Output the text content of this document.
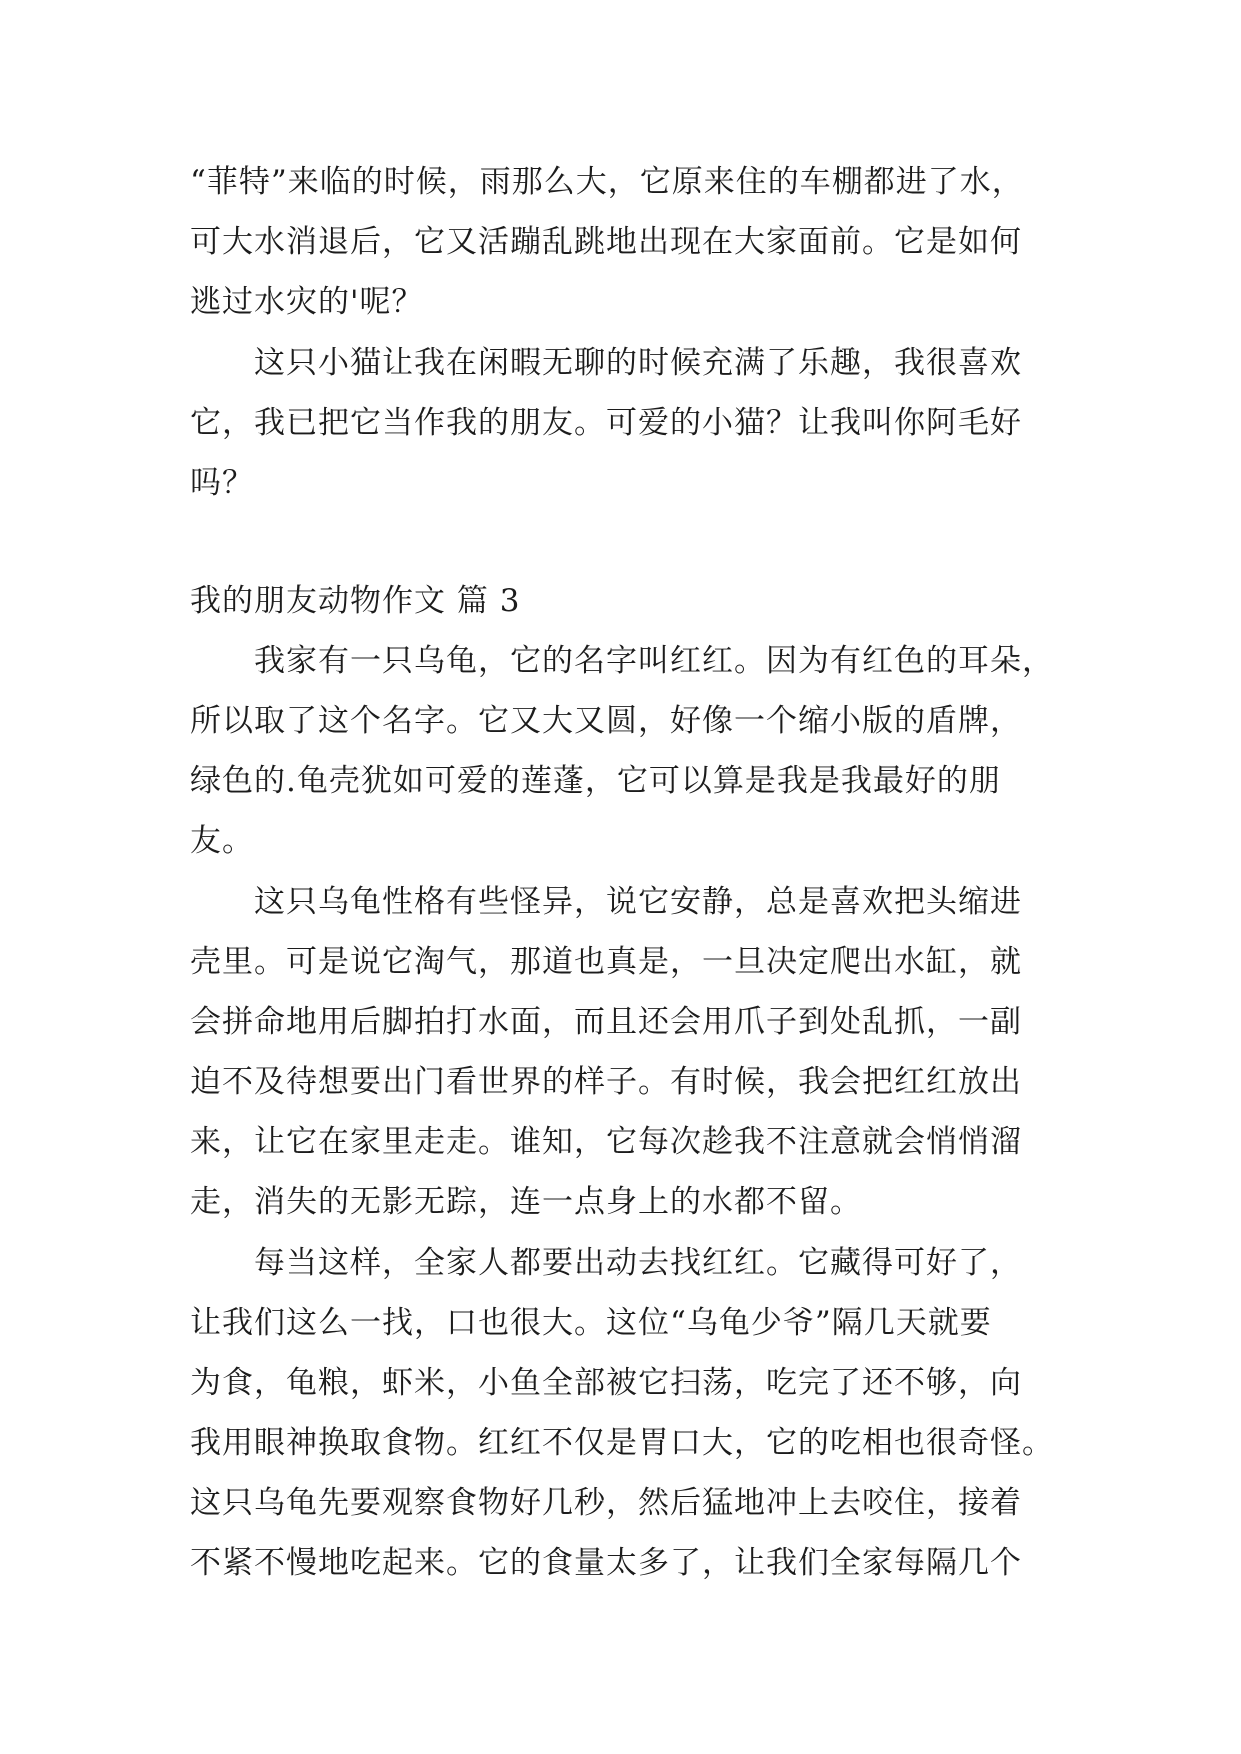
“菲特”来临的时候，雨那么大，它原来住的车棚都进了水，
可大水消退后，它又活蹦乱跳地出现在大家面前。它是如何
逃过水灾的'呢？
这只小猫让我在闲暇无聊的时候充满了乐趣，我很喜欢
它，我已把它当作我的朋友。可爱的小猫？让我叫你阿毛好
吗？
我的朋友动物作文 篇 3
我家有一只乌龟，它的名字叫红红。因为有红色的耳朵，
所以取了这个名字。它又大又圆，好像一个缩小版的盾牌，
绿色的.龟壳犹如可爱的莲蓬，它可以算是我是我最好的朋
友。
这只乌龟性格有些怪异，说它安静，总是喜欢把头缩进
壳里。可是说它淘气，那道也真是，一旦决定爬出水缸，就
会拼命地用后脚拍打水面，而且还会用爪子到处乱抓，一副
迫不及待想要出门看世界的样子。有时候，我会把红红放出
来，让它在家里走走。谁知，它每次趁我不注意就会悄悄溜
走，消失的无影无踪，连一点身上的水都不留。
每当这样，全家人都要出动去找红红。它藏得可好了，
让我们这么一找，口也很大。这位“乌龟少爷”隔几天就要
为食，龟粮，虾米，小鱼全部被它扫荡，吃完了还不够，向
我用眼神换取食物。红红不仅是胃口大，它的吃相也很奇怪。
这只乌龟先要观察食物好几秒，然后猛地冲上去咬住，接着
不紧不慢地吃起来。它的食量太多了，让我们全家每隔几个
